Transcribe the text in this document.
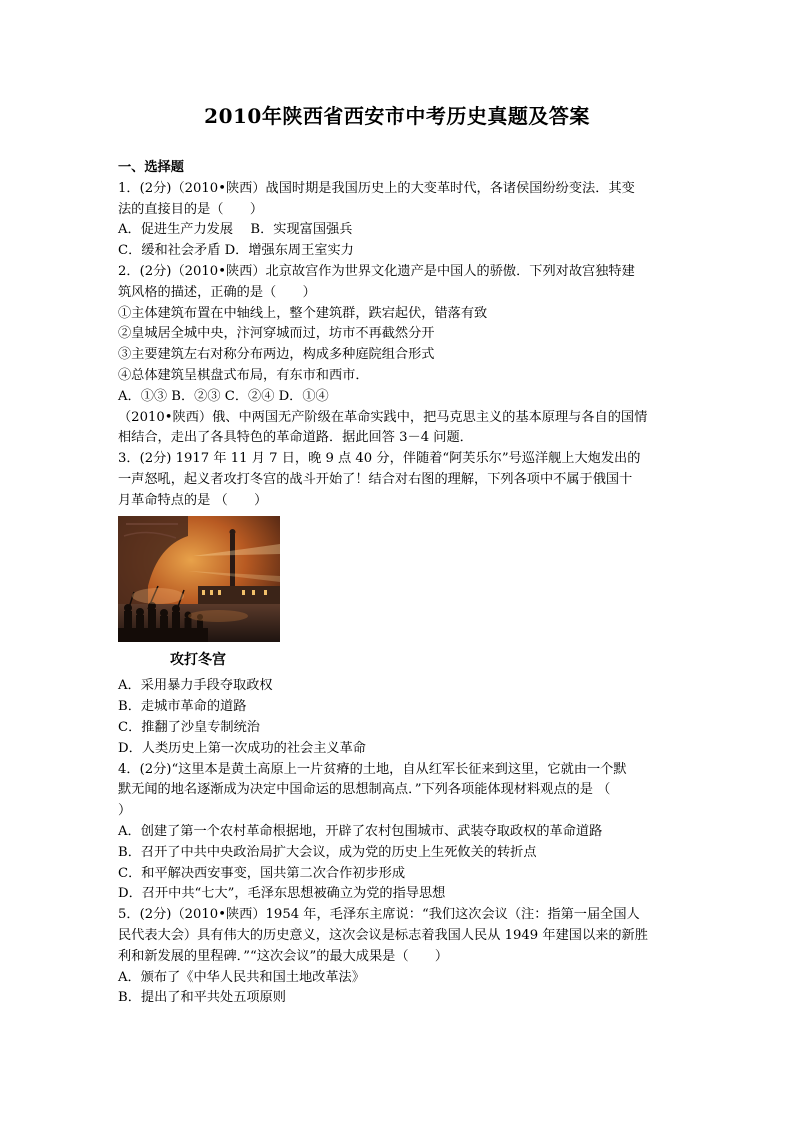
2010年陕西省西安市中考历史真题及答案
一、选择题
1．(2分)（2010•陕西）战国时期是我国历史上的大变革时代，各诸侯国纷纷变法．其变
法的直接目的是（　　）
A．促进生产力发展　 B．实现富国强兵
C．缓和社会矛盾 D．增强东周王室实力
2．(2分)（2010•陕西）北京故宫作为世界文化遗产是中国人的骄傲．下列对故宫独特建
筑风格的描述，正确的是（　　）
①主体建筑布置在中轴线上，整个建筑群，跌宕起伏，错落有致
②皇城居全城中央，汴河穿城而过，坊市不再截然分开
③主要建筑左右对称分布两边，构成多种庭院组合形式
④总体建筑呈棋盘式布局，有东市和西市．
A．①③ B．②③ C．②④ D．①④
（2010•陕西）俄、中两国无产阶级在革命实践中，把马克思主义的基本原理与各自的国情
相结合，走出了各具特色的革命道路．据此回答 3－4 问题．
3．(2分) 1917 年 11 月 7 日，晚 9 点 40 分，伴随着“阿芙乐尔”号巡洋舰上大炮发出的
一声怒吼，起义者攻打冬宫的战斗开始了！结合对右图的理解，下列各项中不属于俄国十
月革命特点的是 （　　）
攻打冬宫
A．采用暴力手段夺取政权
B．走城市革命的道路
C．推翻了沙皇专制统治
D．人类历史上第一次成功的社会主义革命
4．(2分)“这里本是黄土高原上一片贫瘠的土地，自从红军长征来到这里，它就由一个默
默无闻的地名逐渐成为决定中国命运的思想制高点．”下列各项能体现材料观点的是 （
）
A．创建了第一个农村革命根据地，开辟了农村包围城市、武装夺取政权的革命道路
B．召开了中共中央政治局扩大会议，成为党的历史上生死攸关的转折点
C．和平解决西安事变，国共第二次合作初步形成
D．召开中共“七大”，毛泽东思想被确立为党的指导思想
5．(2分)（2010•陕西）1954 年，毛泽东主席说：“我们这次会议（注：指第一届全国人
民代表大会）具有伟大的历史意义，这次会议是标志着我国人民从 1949 年建国以来的新胜
利和新发展的里程碑．”“这次会议”的最大成果是（　　）
A．颁布了《中华人民共和国土地改革法》
B．提出了和平共处五项原则
